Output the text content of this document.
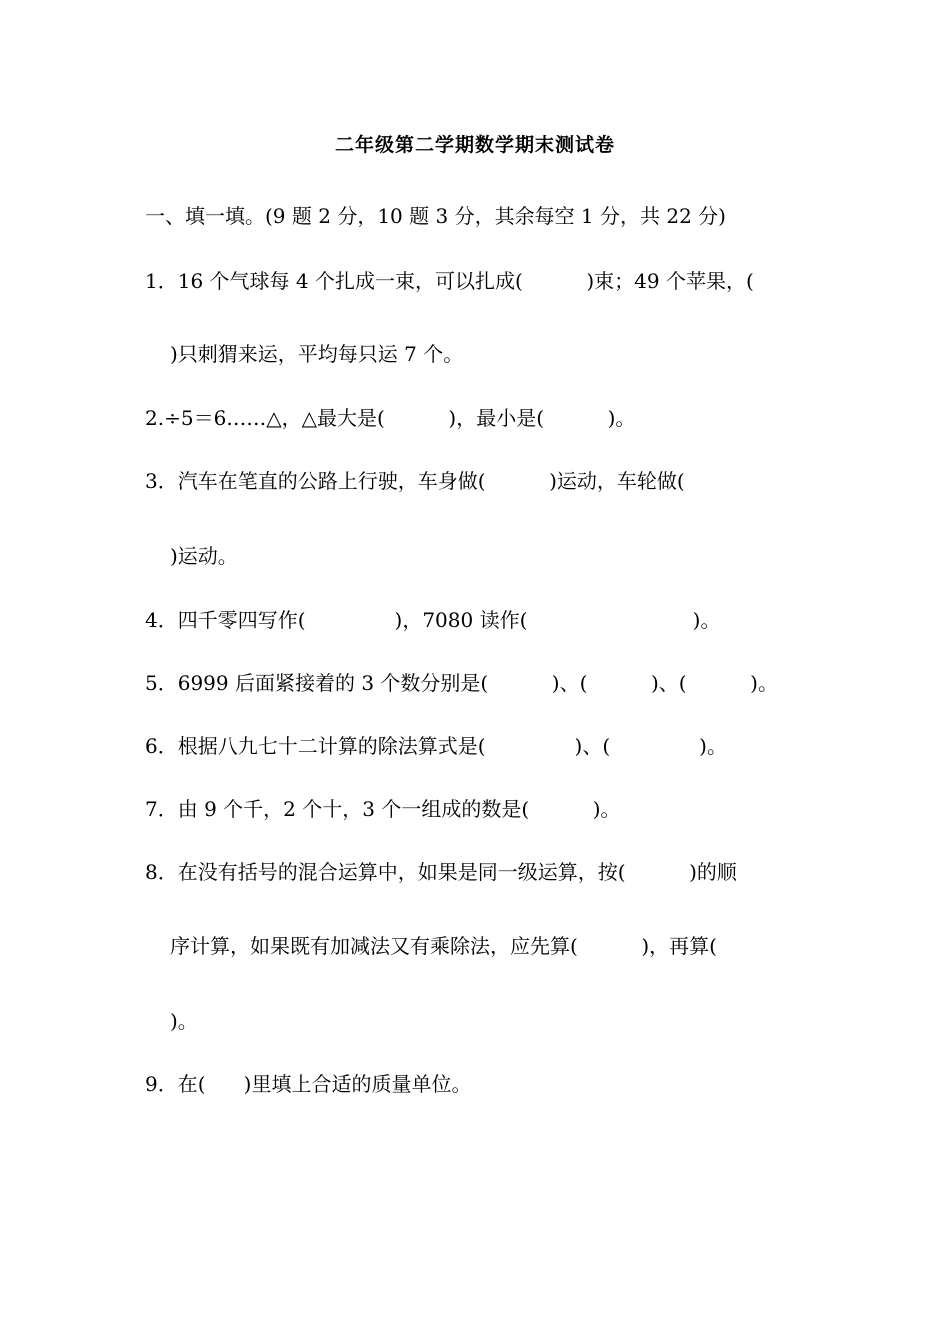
二年级第二学期数学期末测试卷
一、填一填。(9 题 2 分，10 题 3 分，其余每空 1 分，共 22 分)
1．16 个气球每 4 个扎成一束，可以扎成(          )束；49 个苹果，(
)只刺猬来运，平均每只运 7 个。
2.÷5＝6……△，△最大是(          )，最小是(          )。
3．汽车在笔直的公路上行驶，车身做(          )运动，车轮做(
)运动。
4．四千零四写作(              )，7080 读作(                          )。
5．6999 后面紧接着的 3 个数分别是(          )、(          )、(          )。
6．根据八九七十二计算的除法算式是(              )、(              )。
7．由 9 个千，2 个十，3 个一组成的数是(          )。
8．在没有括号的混合运算中，如果是同一级运算，按(          )的顺
序计算，如果既有加减法又有乘除法，应先算(          )，再算(
)。
9．在(      )里填上合适的质量单位。
